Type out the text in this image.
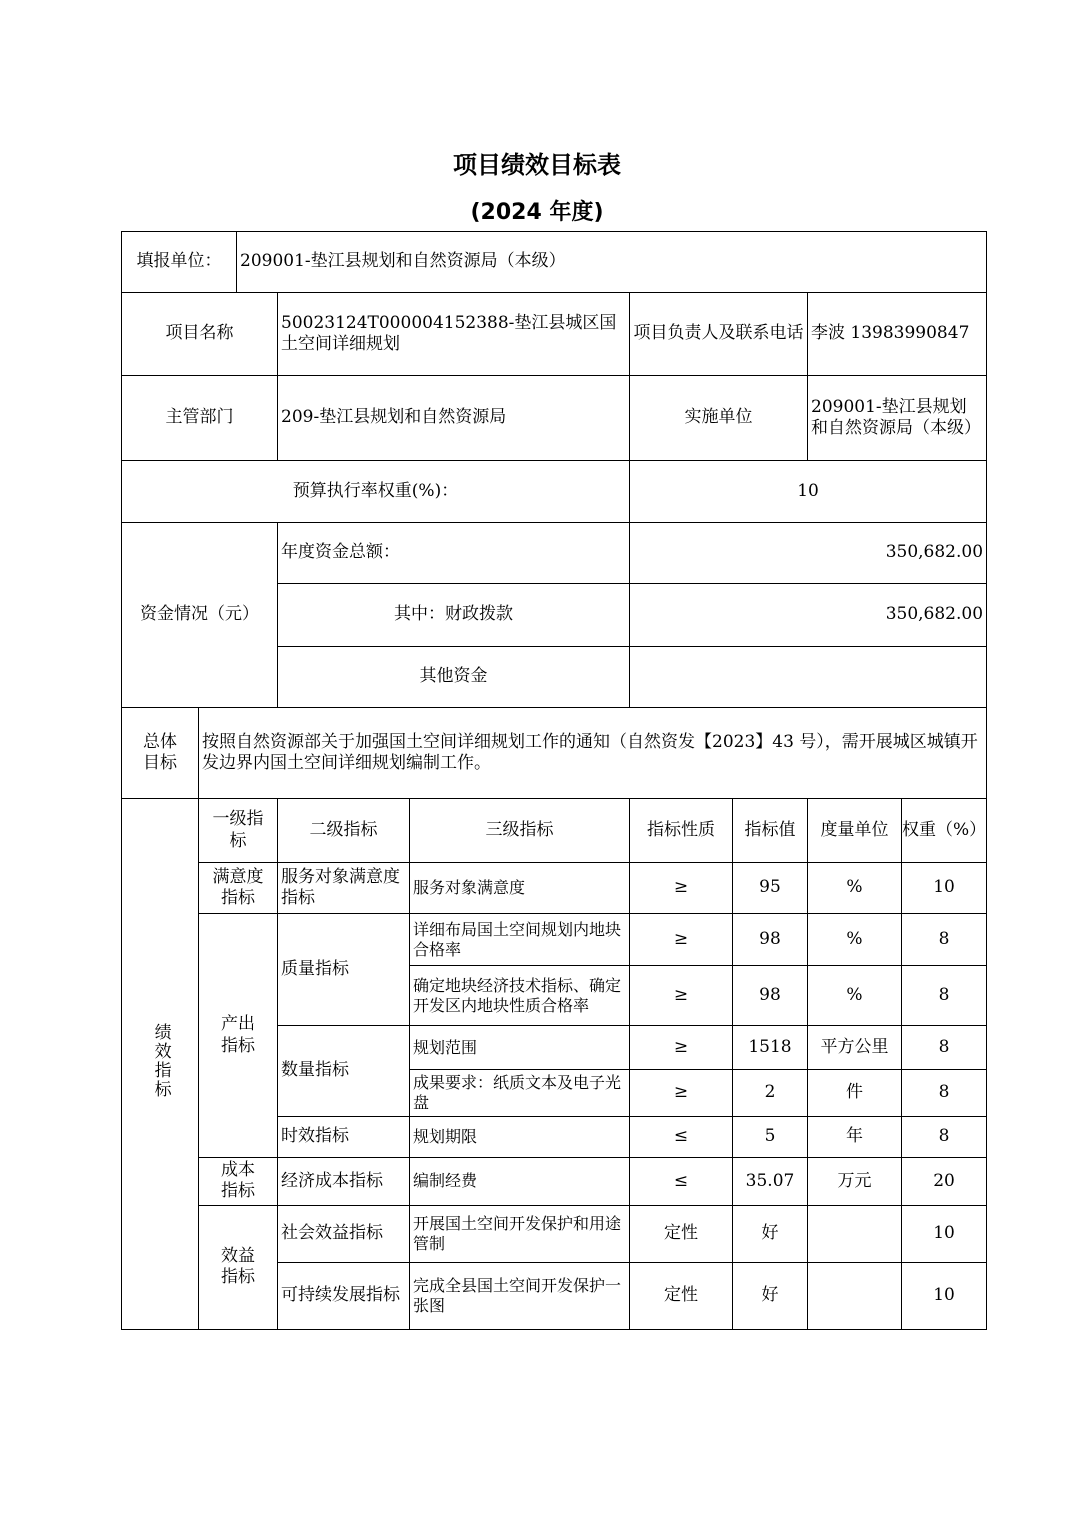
项目绩效目标表
(2024 年度)
填报单位：		209001-垫江县规划和自然资源局（本级）						
项目名称			50023124T000004152388-垫江县城区国土空间详细规划		项目负责人及联系电话		李波 13983990847	
主管部门			209-垫江县规划和自然资源局		实施单位		209001-垫江县规划和自然资源局（本级）	
预算执行率权重(%)：					10			
资金情况（元）			年度资金总额：		350,682.00			
			其中：财政拨款		350,682.00			
			其他资金					
总体目标	按照自然资源部关于加强国土空间详细规划工作的通知（自然资发【2023】43 号），需开展城区城镇开发边界内国土空间详细规划编制工作。							
绩效指标	一级指标		二级指标	三级指标	指标性质	指标值	度量单位	权重（%）
	满意度指标		服务对象满意度指标	服务对象满意度	≥	95	%	10
	产出指标		质量指标	详细布局国土空间规划内地块合格率	≥	98	%	8
				确定地块经济技术指标、确定开发区内地块性质合格率	≥	98	%	8
			数量指标	规划范围	≥	1518	平方公里	8
				成果要求：纸质文本及电子光盘	≥	2	件	8
			时效指标	规划期限	≤	5	年	8
	成本指标		经济成本指标	编制经费	≤	35.07	万元	20
	效益指标		社会效益指标	开展国土空间开发保护和用途管制	定性	好		10
			可持续发展指标	完成全县国土空间开发保护一张图	定性	好		10
